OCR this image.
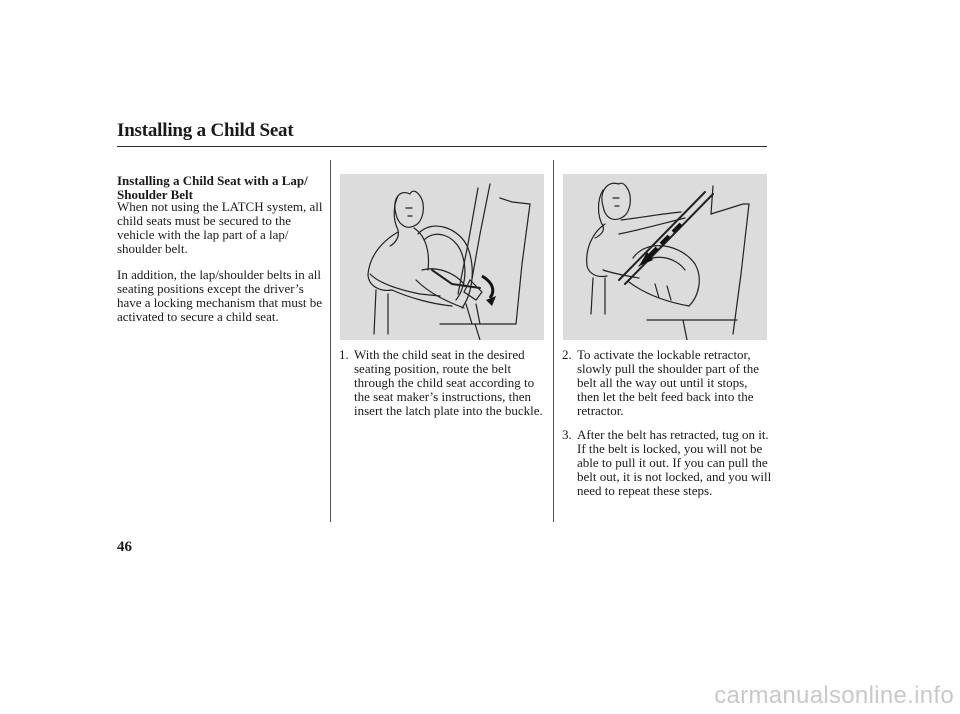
Installing a Child Seat
Installing a Child Seat with a Lap/ Shoulder Belt

When not using the LATCH system, all child seats must be secured to the vehicle with the lap part of a lap/ shoulder belt.

In addition, the lap/shoulder belts in all seating positions except the driver’s have a locking mechanism that must be activated to secure a child seat.

1. With the child seat in the desired seating position, route the belt through the child seat according to the seat maker’s instructions, then insert the latch plate into the buckle.
2. To activate the lockable retractor, slowly pull the shoulder part of the belt all the way out until it stops, then let the belt feed back into the retractor.
3. After the belt has retracted, tug on it. If the belt is locked, you will not be able to pull it out. If you can pull the belt out, it is not locked, and you will need to repeat these steps.
46
carmanualsonline.info
